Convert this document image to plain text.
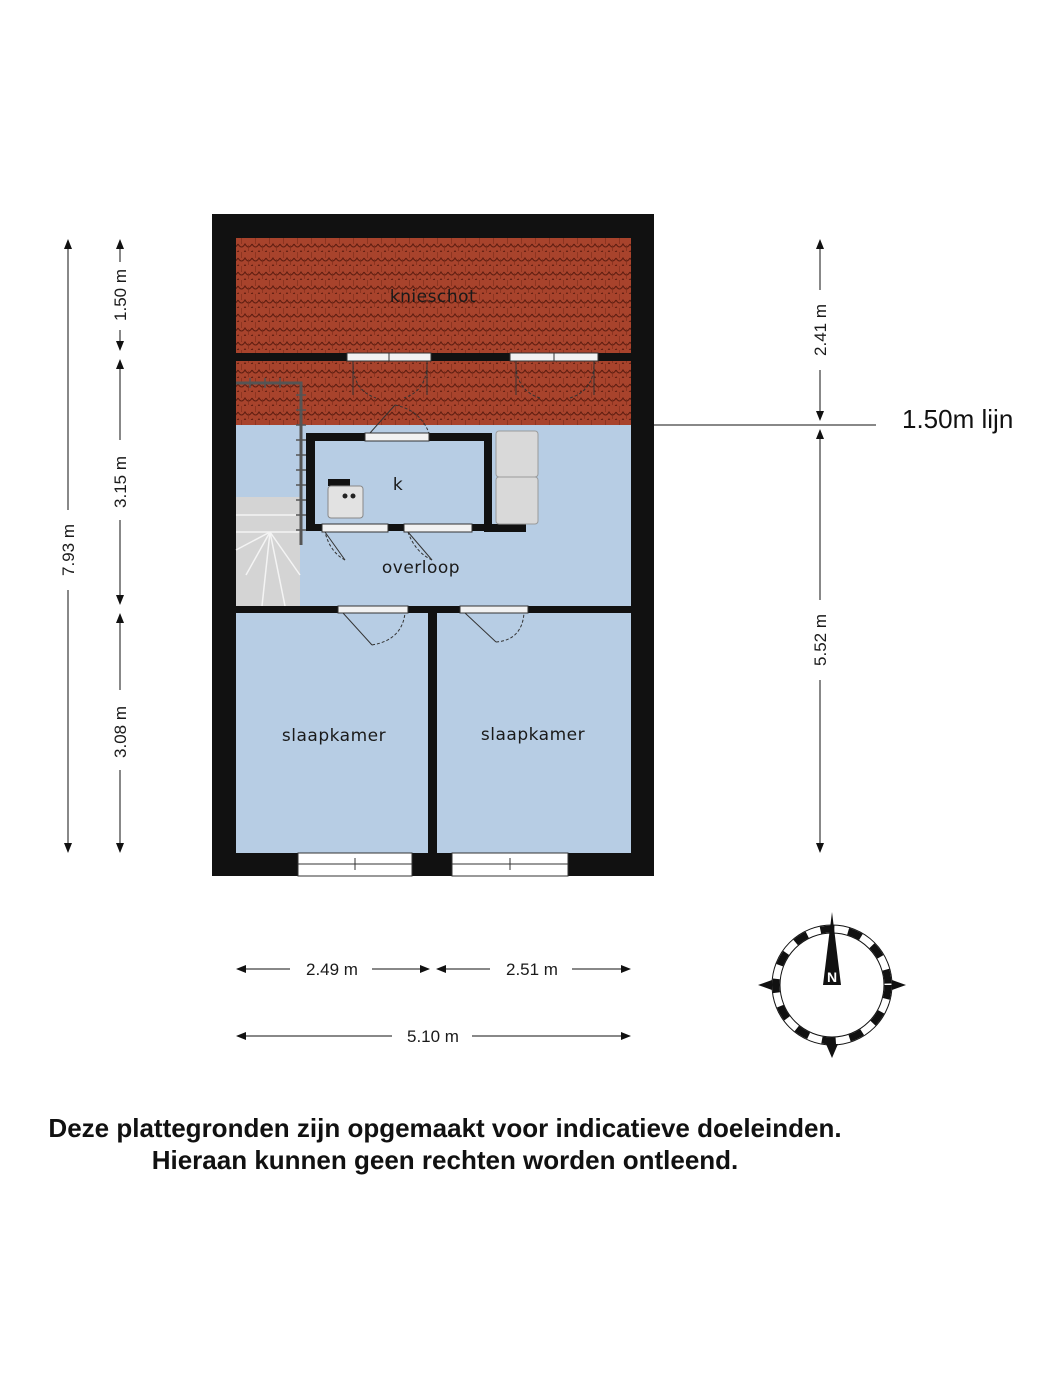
knieschot
k
overloop
slaapkamer	slaapkamer
7.93 m
1.50 m
3.15 m
3.08 m
2.41 m
5.52 m
1.50m lijn
2.49 m	2.51 m
5.10 m
N
Deze plattegronden zijn opgemaakt voor indicatieve doeleinden.
Hieraan kunnen geen rechten worden ontleend.
